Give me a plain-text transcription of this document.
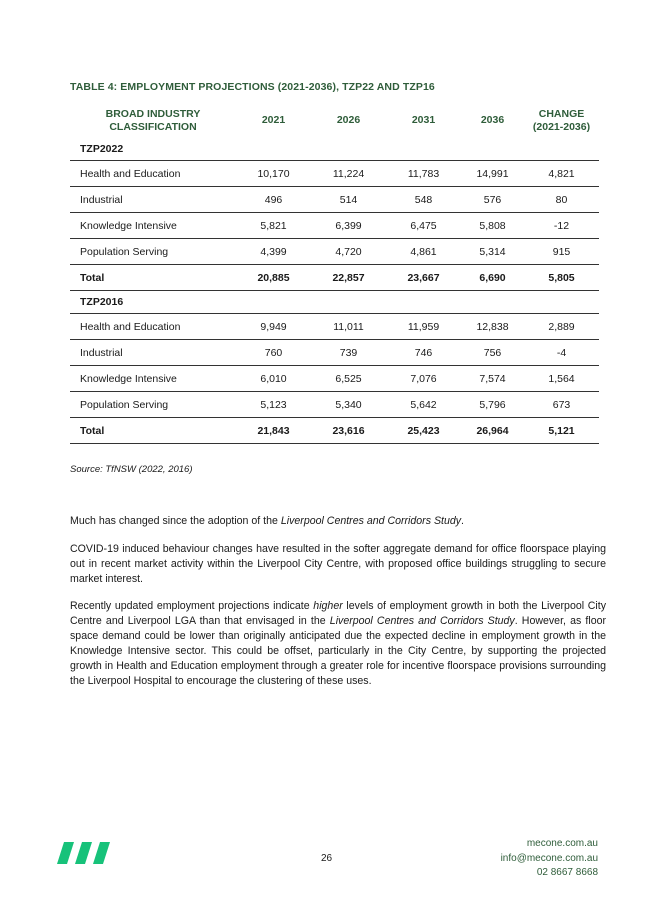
TABLE 4: EMPLOYMENT PROJECTIONS (2021-2036), TZP22 AND TZP16
BROAD INDUSTRY CLASSIFICATION	2021	2026	2031	2036	CHANGE (2021-2036)
TZP2022					
Health and Education	10,170	11,224	11,783	14,991	4,821
Industrial	496	514	548	576	80
Knowledge Intensive	5,821	6,399	6,475	5,808	-12
Population Serving	4,399	4,720	4,861	5,314	915
Total	20,885	22,857	23,667	6,690	5,805
TZP2016					
Health and Education	9,949	11,011	11,959	12,838	2,889
Industrial	760	739	746	756	-4
Knowledge Intensive	6,010	6,525	7,076	7,574	1,564
Population Serving	5,123	5,340	5,642	5,796	673
Total	21,843	23,616	25,423	26,964	5,121
Source: TfNSW (2022, 2016)

Much has changed since the adoption of the Liverpool Centres and Corridors Study.

COVID-19 induced behaviour changes have resulted in the softer aggregate demand for office floorspace playing out in recent market activity within the Liverpool City Centre, with proposed office buildings struggling to secure market interest.

Recently updated employment projections indicate higher levels of employment growth in both the Liverpool City Centre and Liverpool LGA than that envisaged in the Liverpool Centres and Corridors Study. However, as floor space demand could be lower than originally anticipated due the expected decline in employment growth in the Knowledge Intensive sector. This could be offset, particularly in the City Centre, by supporting the projected growth in Health and Education employment through a greater role for incentive floorspace provisions surrounding the Liverpool Hospital to encourage the clustering of these uses.

26
mecone.com.au
info@mecone.com.au
02 8667 8668
